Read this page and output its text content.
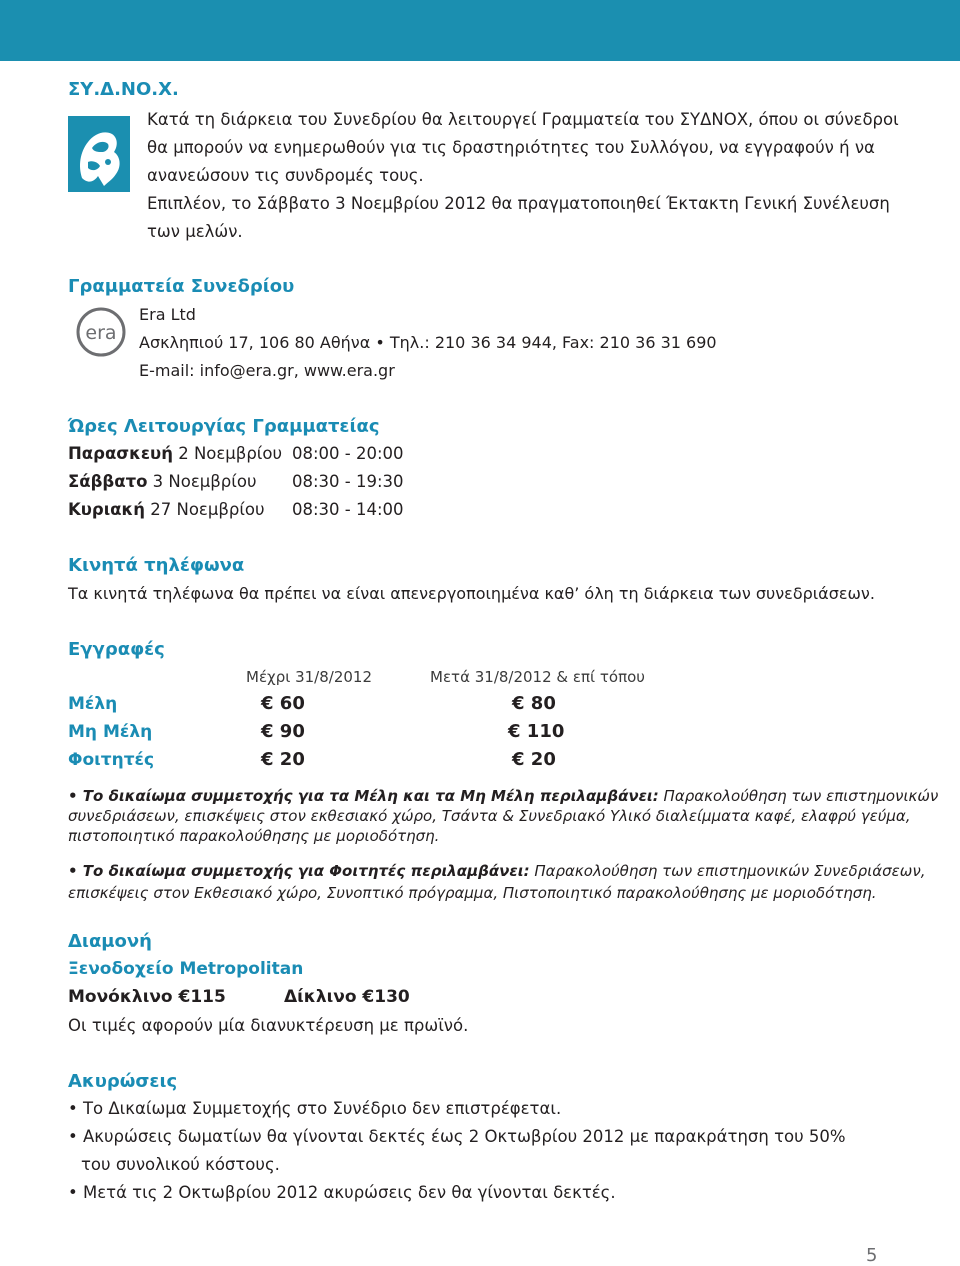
ΣΥ.Δ.ΝΟ.Χ.
Κατά τη διάρκεια του Συνεδρίου θα λειτουργεί Γραμματεία του ΣΥΔΝΟΧ, όπου οι σύνεδροι
θα μπορούν να ενημερωθούν για τις δραστηριότητες του Συλλόγου, να εγγραφούν ή να
ανανεώσουν τις συνδρομές τους.
Επιπλέον, το Σάββατο 3 Νοεμβρίου 2012 θα πραγματοποιηθεί Έκτακτη Γενική Συνέλευση
των μελών.
Γραμματεία Συνεδρίου
era
Era Ltd
Ασκληπιού 17, 106 80 Αθήνα • Τηλ.: 210 36 34 944, Fax: 210 36 31 690
E-mail: info@era.gr, www.era.gr
Ώρες Λειτουργίας Γραμματείας
Παρασκευή 2 Νοεμβρίου 08:00 - 20:00
Σάββατο 3 Νοεμβρίου 08:30 - 19:30
Κυριακή 27 Νοεμβρίου 08:30 - 14:00
Κινητά τηλέφωνα
Τα κινητά τηλέφωνα θα πρέπει να είναι απενεργοποιημένα καθ’ όλη τη διάρκεια των συνεδριάσεων.
Εγγραφές
Μέχρι 31/8/2012	Μετά 31/8/2012 & επί τόπου
Μέλη	€ 60	€ 80
Μη Μέλη	€ 90	€ 110
Φοιτητές	€ 20	€ 20
• Το δικαίωμα συμμετοχής για τα Μέλη και τα Μη Μέλη περιλαμβάνει: Παρακολούθηση των επιστημονικών
συνεδριάσεων, επισκέψεις στον εκθεσιακό χώρο, Τσάντα & Συνεδριακό Υλικό διαλείμματα καφέ, ελαφρύ γεύμα,
πιστοποιητικό παρακολούθησης με μοριοδότηση.
• Το δικαίωμα συμμετοχής για Φοιτητές περιλαμβάνει: Παρακολούθηση των επιστημονικών Συνεδριάσεων,
επισκέψεις στον Εκθεσιακό χώρο, Συνοπτικό πρόγραμμα, Πιστοποιητικό παρακολούθησης με μοριοδότηση.
Διαμονή
Ξενοδοχείο Metropolitan
Μονόκλινο €115	Δίκλινο €130
Οι τιμές αφορούν μία διανυκτέρευση με πρωϊνό.
Ακυρώσεις
• Το Δικαίωμα Συμμετοχής στο Συνέδριο δεν επιστρέφεται.
• Ακυρώσεις δωματίων θα γίνονται δεκτές έως 2 Οκτωβρίου 2012 με παρακράτηση του 50%
του συνολικού κόστους.
• Μετά τις 2 Οκτωβρίου 2012 ακυρώσεις δεν θα γίνονται δεκτές.
5
